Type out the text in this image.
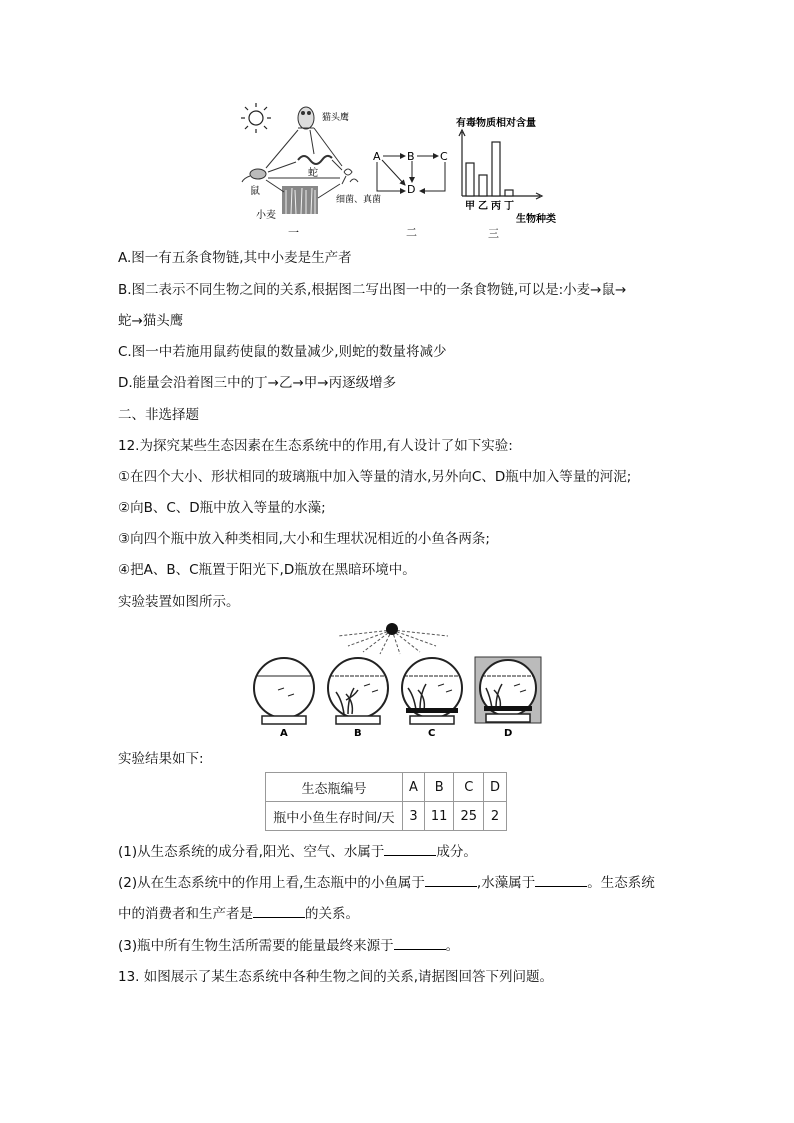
猫头鹰
蛇
鼠
小麦
细菌、真菌
一
A B C
D
二
有毒物质相对含量
甲 乙 丙 丁
生物种类
三
A.图一有五条食物链,其中小麦是生产者
B.图二表示不同生物之间的关系,根据图二写出图一中的一条食物链,可以是:小麦→鼠→
蛇→猫头鹰
C.图一中若施用鼠药使鼠的数量减少,则蛇的数量将减少
D.能量会沿着图三中的丁→乙→甲→丙逐级增多
二、非选择题
12.为探究某些生态因素在生态系统中的作用,有人设计了如下实验:
①在四个大小、形状相同的玻璃瓶中加入等量的清水,另外向C、D瓶中加入等量的河泥;
②向B、C、D瓶中放入等量的水藻;
③向四个瓶中放入种类相同,大小和生理状况相近的小鱼各两条;
④把A、B、C瓶置于阳光下,D瓶放在黑暗环境中。
实验装置如图所示。
A	B	C	D
实验结果如下:
生态瓶编号	A	B	C	D
瓶中小鱼生存时间/天	3	11	25	2
(1)从生态系统的成分看,阳光、空气、水属于	成分。
(2)从在生态系统中的作用上看,生态瓶中的小鱼属于	,水藻属于	。生态系统
中的消费者和生产者是	的关系。
(3)瓶中所有生物生活所需要的能量最终来源于	。
13. 如图展示了某生态系统中各种生物之间的关系,请据图回答下列问题。
